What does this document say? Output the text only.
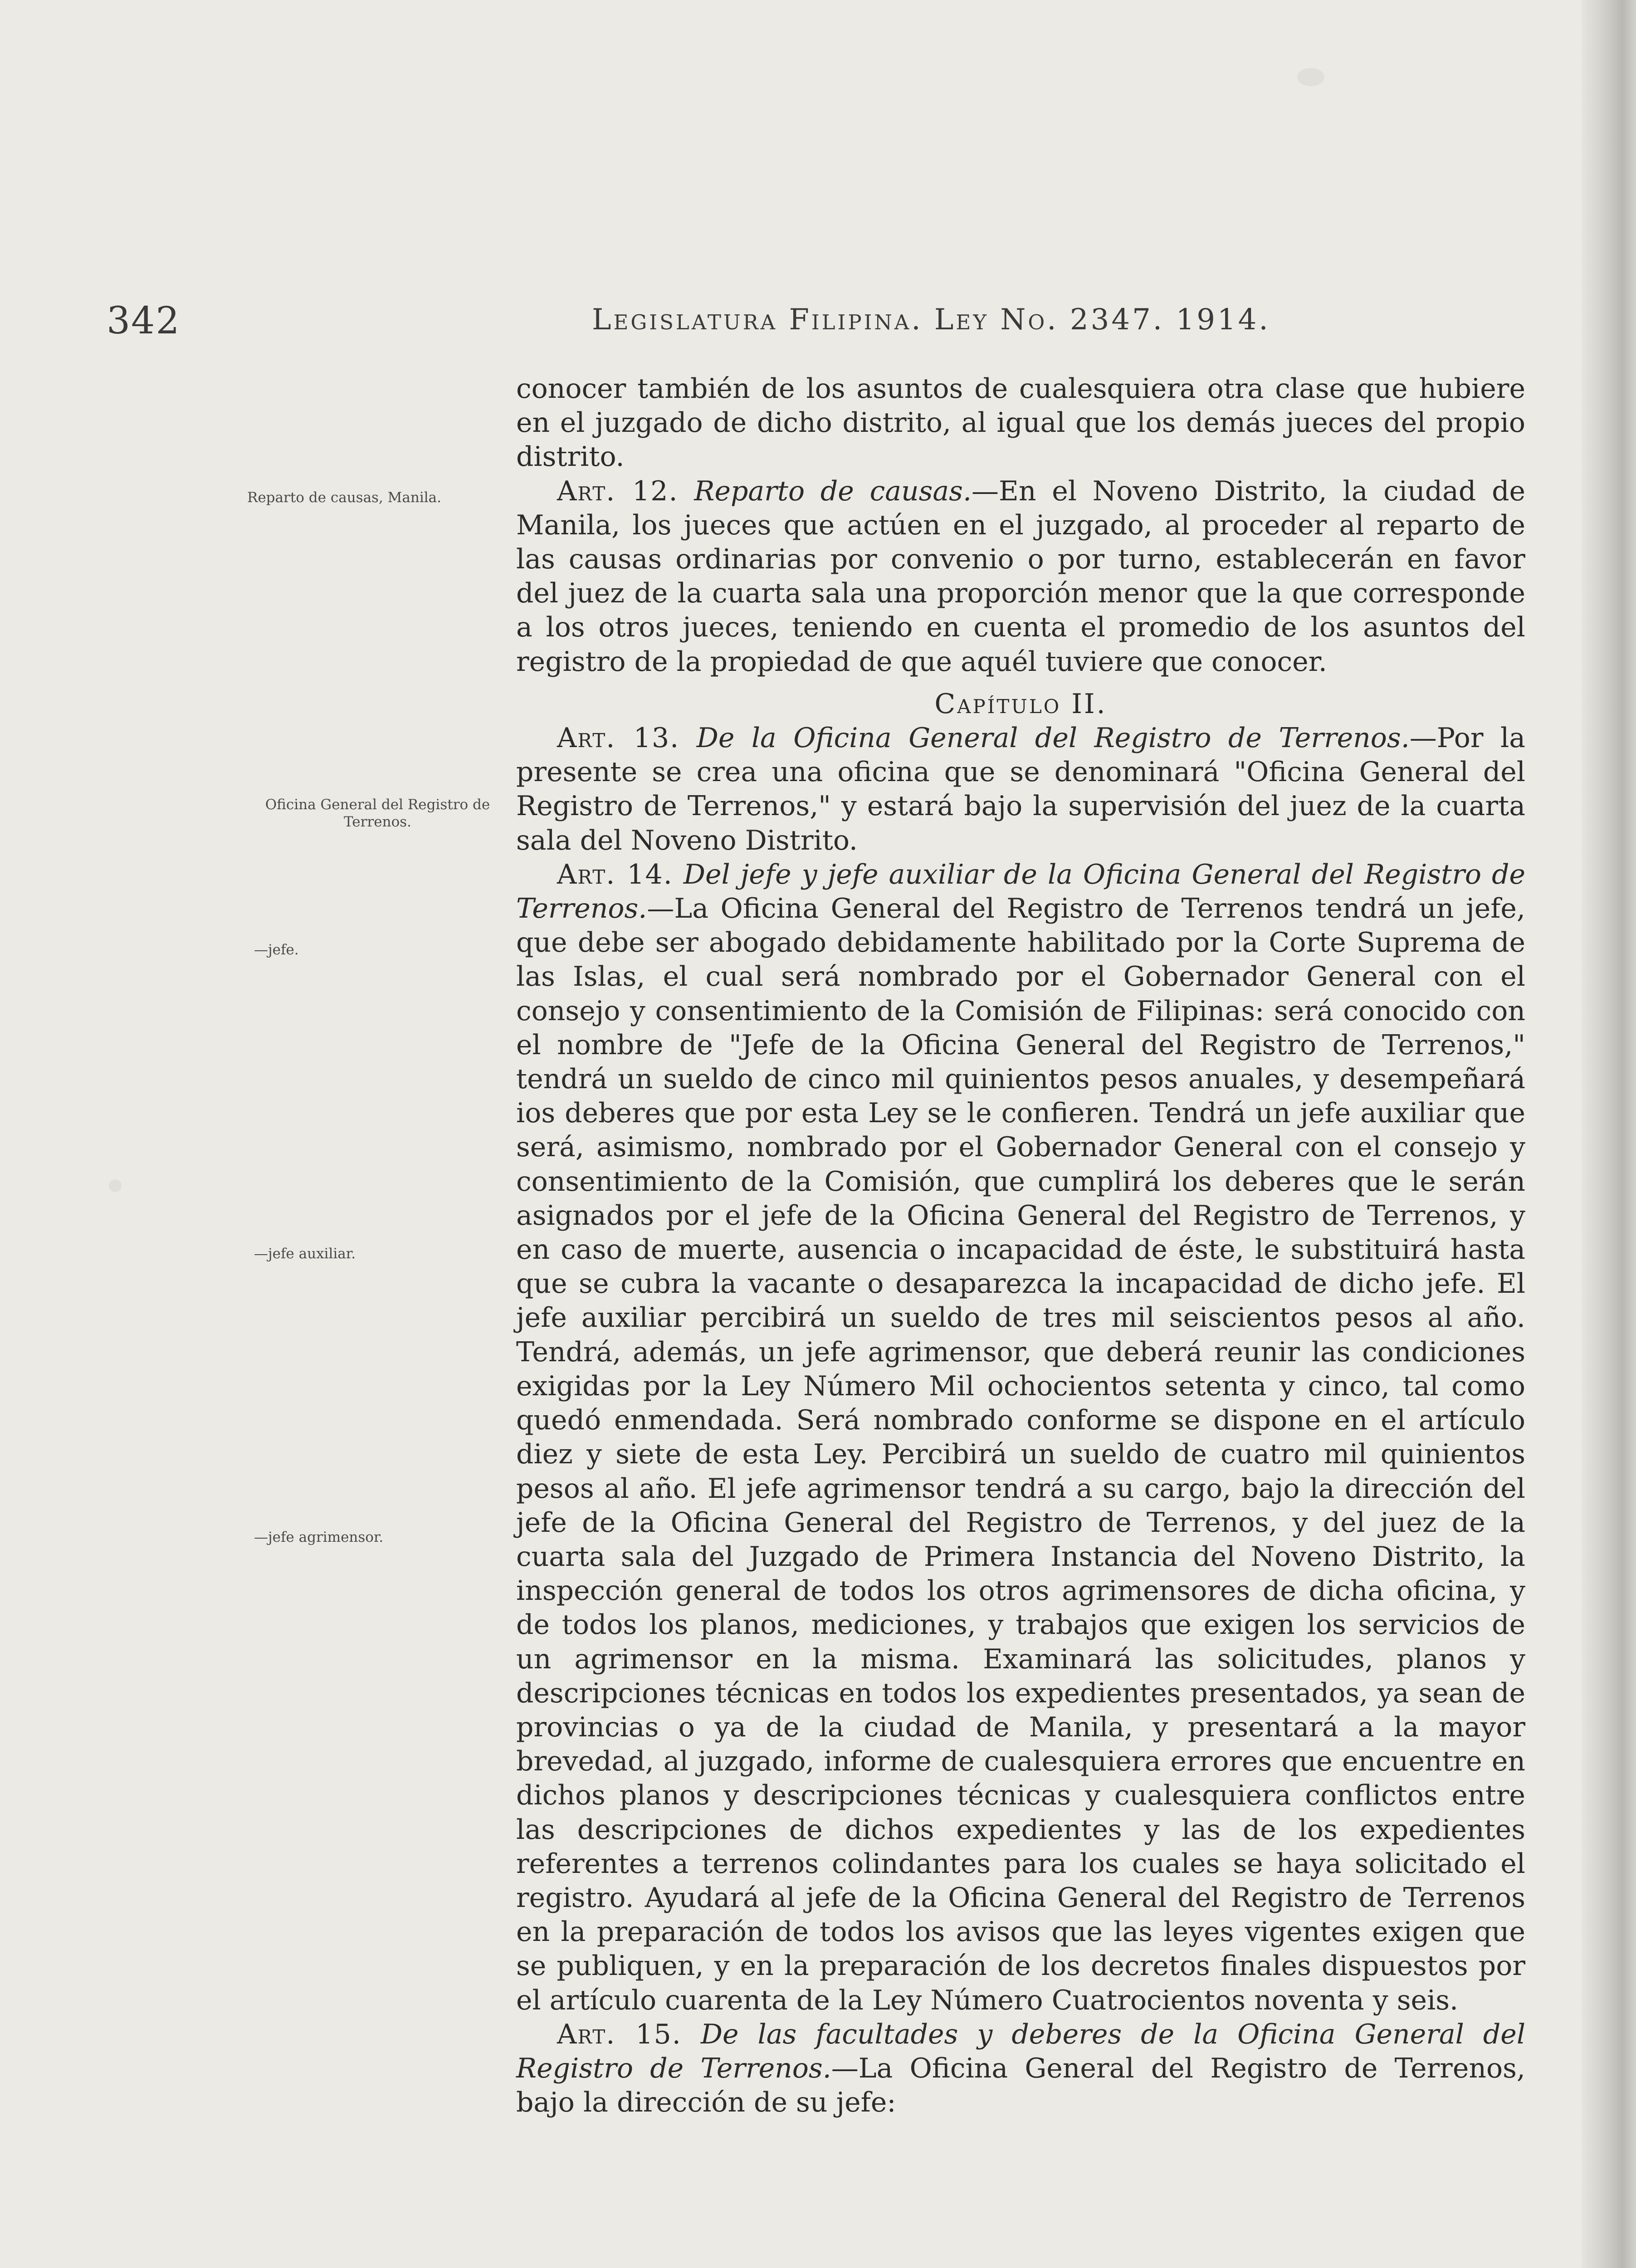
342	Legislatura Filipina. Ley No. 2347. 1914.
Reparto de causas, Manila.
Oficina General del Registro de Terrenos.
—jefe.
—jefe auxiliar.
—jefe agrimensor.

conocer también de los asuntos de cualesquiera otra clase que hubiere en el juzgado de dicho distrito, al igual que los demás jueces del propio distrito.

Art. 12. Reparto de causas.—En el Noveno Distrito, la ciudad de Manila, los jueces que actúen en el juzgado, al proceder al reparto de las causas ordinarias por convenio o por turno, establecerán en favor del juez de la cuarta sala una proporción menor que la que corresponde a los otros jueces, teniendo en cuenta el promedio de los asuntos del registro de la propiedad de que aquél tuviere que conocer.

Capítulo II.

Art. 13. De la Oficina General del Registro de Terrenos.—Por la presente se crea una oficina que se denominará "Oficina General del Registro de Terrenos," y estará bajo la supervisión del juez de la cuarta sala del Noveno Distrito.

Art. 14. Del jefe y jefe auxiliar de la Oficina General del Registro de Terrenos.—La Oficina General del Registro de Terrenos tendrá un jefe, que debe ser abogado debidamente habilitado por la Corte Suprema de las Islas, el cual será nombrado por el Gobernador General con el consejo y consentimiento de la Comisión de Filipinas: será conocido con el nombre de "Jefe de la Oficina General del Registro de Terrenos," tendrá un sueldo de cinco mil quinientos pesos anuales, y desempeñará ios deberes que por esta Ley se le confieren. Tendrá un jefe auxiliar que será, asimismo, nombrado por el Gobernador General con el consejo y consentimiento de la Comisión, que cumplirá los deberes que le serán asignados por el jefe de la Oficina General del Registro de Terrenos, y en caso de muerte, ausencia o incapacidad de éste, le substituirá hasta que se cubra la vacante o desaparezca la incapacidad de dicho jefe. El jefe auxiliar percibirá un sueldo de tres mil seiscientos pesos al año. Tendrá, además, un jefe agrimensor, que deberá reunir las condiciones exigidas por la Ley Número Mil ochocientos setenta y cinco, tal como quedó enmendada. Será nombrado conforme se dispone en el artículo diez y siete de esta Ley. Percibirá un sueldo de cuatro mil quinientos pesos al año. El jefe agrimensor tendrá a su cargo, bajo la dirección del jefe de la Oficina General del Registro de Terrenos, y del juez de la cuarta sala del Juzgado de Primera Instancia del Noveno Distrito, la inspección general de todos los otros agrimensores de dicha oficina, y de todos los planos, mediciones, y trabajos que exigen los servicios de un agrimensor en la misma. Examinará las solicitudes, planos y descripciones técnicas en todos los expedientes presentados, ya sean de provincias o ya de la ciudad de Manila, y presentará a la mayor brevedad, al juzgado, informe de cualesquiera errores que encuentre en dichos planos y descripciones técnicas y cualesquiera conflictos entre las descripciones de dichos expedientes y las de los expedientes referentes a terrenos colindantes para los cuales se haya solicitado el registro. Ayudará al jefe de la Oficina General del Registro de Terrenos en la preparación de todos los avisos que las leyes vigentes exigen que se publiquen, y en la preparación de los decretos finales dispuestos por el artículo cuarenta de la Ley Número Cuatrocientos noventa y seis.

Art. 15. De las facultades y deberes de la Oficina General del Registro de Terrenos.—La Oficina General del Registro de Terrenos, bajo la dirección de su jefe:
